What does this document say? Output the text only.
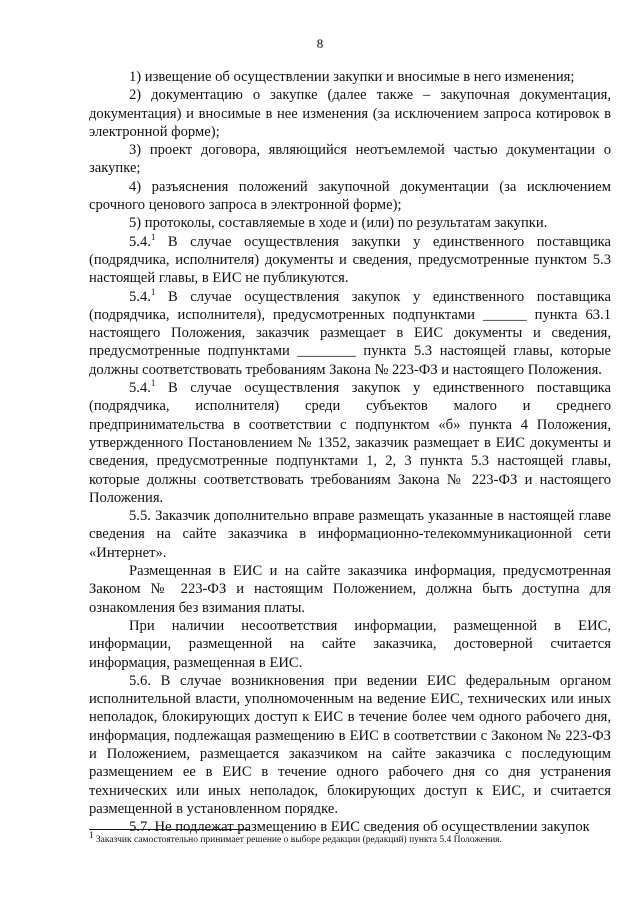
8

1) извещение об осуществлении закупки и вносимые в него изменения;

2) документацию о закупке (далее также – закупочная документация, документация) и вносимые в нее изменения (за исключением запроса котировок в электронной форме);

3) проект договора, являющийся неотъемлемой частью документации о закупке;

4) разъяснения положений закупочной документации (за исключением срочного ценового запроса в электронной форме);

5) протоколы, составляемые в ходе и (или) по результатам закупки.

5.4.$^1$ В случае осуществления закупки у единственного поставщика (подрядчика, исполнителя) документы и сведения, предусмотренные пунктом 5.3 настоящей главы, в ЕИС не публикуются.

5.4.$^1$ В случае осуществления закупок у единственного поставщика (подрядчика, исполнителя), предусмотренных подпунктами ______ пункта 63.1 настоящего Положения, заказчик размещает в ЕИС документы и сведения, предусмотренные подпунктами ________ пункта 5.3 настоящей главы, которые должны соответствовать требованиям Закона № 223-ФЗ и настоящего Положения.

5.4.$^1$ В случае осуществления закупок у единственного поставщика (подрядчика, исполнителя) среди субъектов малого и среднего предпринимательства в соответствии с подпунктом «б» пункта 4 Положения, утвержденного Постановлением № 1352, заказчик размещает в ЕИС документы и сведения, предусмотренные подпунктами 1, 2, 3 пункта 5.3 настоящей главы, которые должны соответствовать требованиям Закона № 223-ФЗ и настоящего Положения.

5.5. Заказчик дополнительно вправе размещать указанные в настоящей главе сведения на сайте заказчика в информационно-телекоммуникационной сети «Интернет».

Размещенная в ЕИС и на сайте заказчика информация, предусмотренная Законом № 223-ФЗ и настоящим Положением, должна быть доступна для ознакомления без взимания платы.

При наличии несоответствия информации, размещенной в ЕИС, информации, размещенной на сайте заказчика, достоверной считается информация, размещенная в ЕИС.

5.6. В случае возникновения при ведении ЕИС федеральным органом исполнительной власти, уполномоченным на ведение ЕИС, технических или иных неполадок, блокирующих доступ к ЕИС в течение более чем одного рабочего дня, информация, подлежащая размещению в ЕИС в соответствии с Законом № 223-ФЗ и Положением, размещается заказчиком на сайте заказчика с последующим размещением ее в ЕИС в течение одного рабочего дня со дня устранения технических или иных неполадок, блокирующих доступ к ЕИС, и считается размещенной в установленном порядке.

5.7. Не подлежат размещению в ЕИС сведения об осуществлении закупок

$^1$ Заказчик самостоятельно принимает решение о выборе редакции (редакций) пункта 5.4 Положения.
